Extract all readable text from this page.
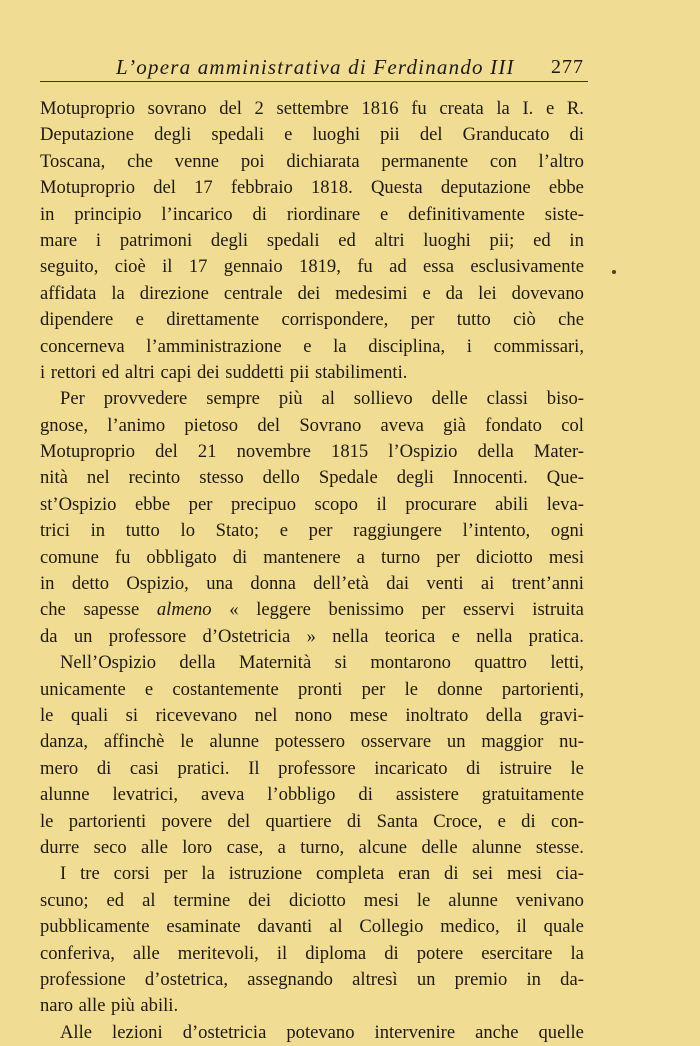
L’opera amministrativa di Ferdinando III 277
Motuproprio sovrano del 2 settembre 1816 fu creata la I. e R.
Deputazione degli spedali e luoghi pii del Granducato di
Toscana, che venne poi dichiarata permanente con l’altro
Motuproprio del 17 febbraio 1818. Questa deputazione ebbe
in principio l’incarico di riordinare e definitivamente siste-
mare i patrimoni degli spedali ed altri luoghi pii; ed in
seguito, cioè il 17 gennaio 1819, fu ad essa esclusivamente
affidata la direzione centrale dei medesimi e da lei dovevano
dipendere e direttamente corrispondere, per tutto ciò che
concerneva l’amministrazione e la disciplina, i commissari,
i rettori ed altri capi dei suddetti pii stabilimenti.
Per provvedere sempre più al sollievo delle classi biso-
gnose, l’animo pietoso del Sovrano aveva già fondato col
Motuproprio del 21 novembre 1815 l’Ospizio della Mater-
nità nel recinto stesso dello Spedale degli Innocenti. Que-
st’Ospizio ebbe per precipuo scopo il procurare abili leva-
trici in tutto lo Stato; e per raggiungere l’intento, ogni
comune fu obbligato di mantenere a turno per diciotto mesi
in detto Ospizio, una donna dell’età dai venti ai trent’anni
che sapesse almeno « leggere benissimo per esservi istruita
da un professore d’Ostetricia » nella teorica e nella pratica.
Nell’Ospizio della Maternità si montarono quattro letti,
unicamente e costantemente pronti per le donne partorienti,
le quali si ricevevano nel nono mese inoltrato della gravi-
danza, affinchè le alunne potessero osservare un maggior nu-
mero di casi pratici. Il professore incaricato di istruire le
alunne levatrici, aveva l’obbligo di assistere gratuitamente
le partorienti povere del quartiere di Santa Croce, e di con-
durre seco alle loro case, a turno, alcune delle alunne stesse.
I tre corsi per la istruzione completa eran di sei mesi cia-
scuno; ed al termine dei diciotto mesi le alunne venivano
pubblicamente esaminate davanti al Collegio medico, il quale
conferiva, alle meritevoli, il diploma di potere esercitare la
professione d’ostetrica, assegnando altresì un premio in da-
naro alle più abili.
Alle lezioni d’ostetricia potevano intervenire anche quelle
